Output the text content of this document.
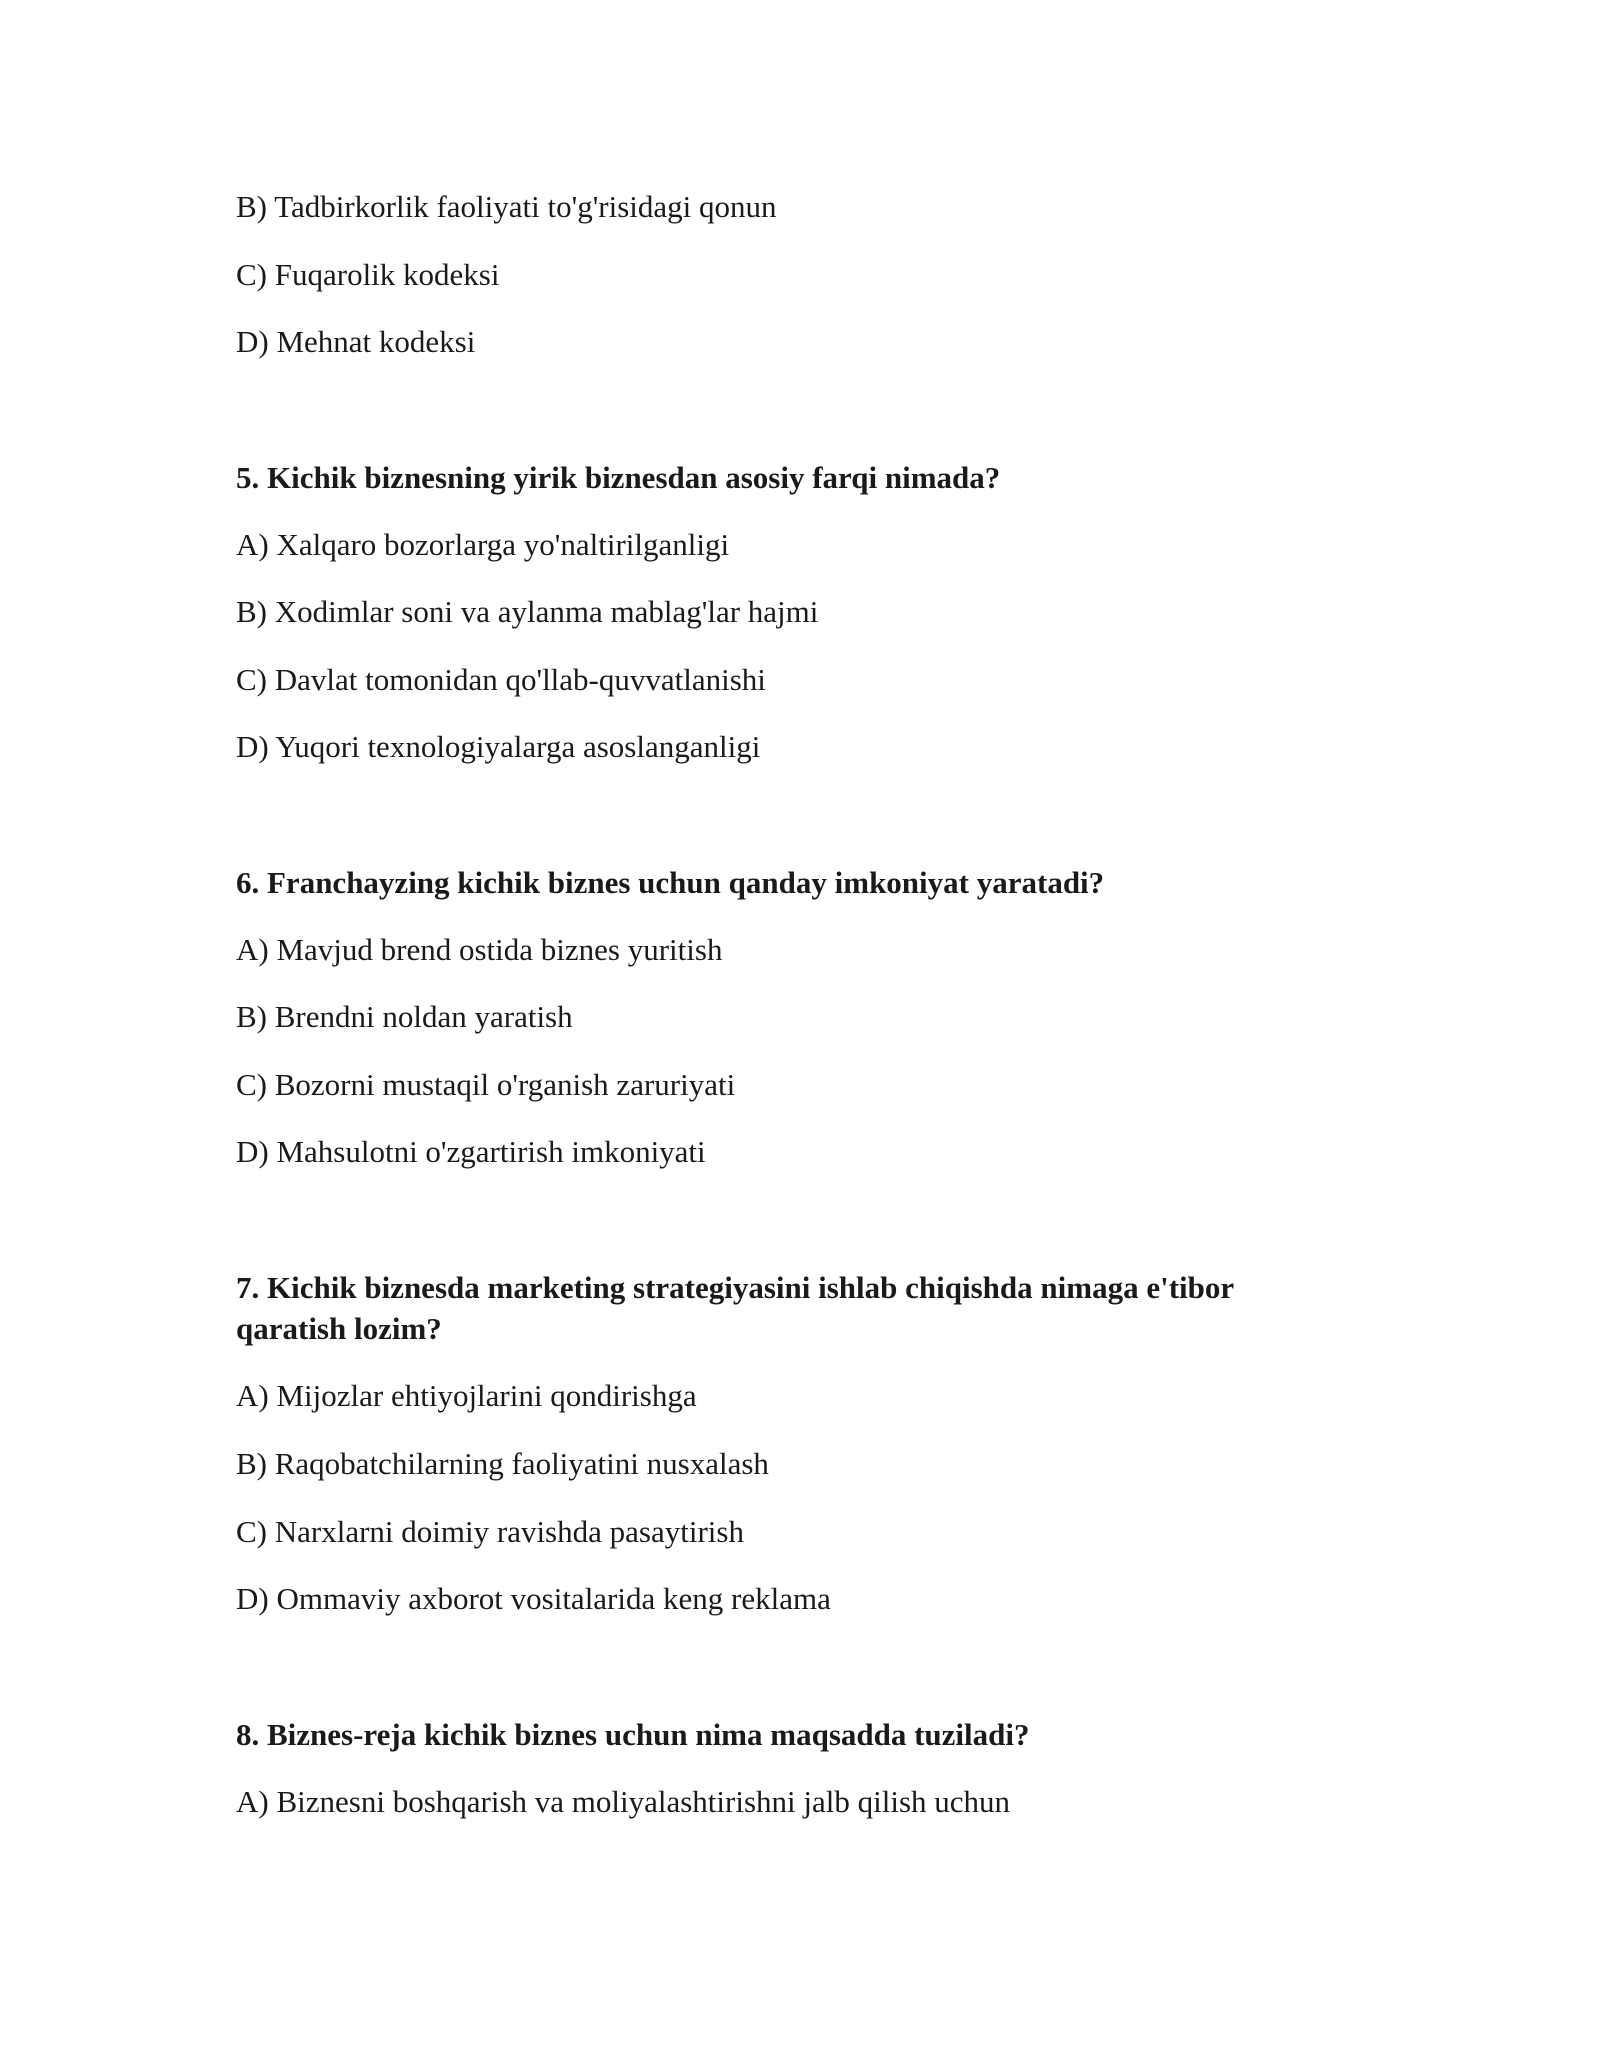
B) Tadbirkorlik faoliyati to'g'risidagi qonun
C) Fuqarolik kodeksi
D) Mehnat kodeksi
5. Kichik biznesning yirik biznesdan asosiy farqi nimada?
A) Xalqaro bozorlarga yo'naltirilganligi
B) Xodimlar soni va aylanma mablag'lar hajmi
C) Davlat tomonidan qo'llab-quvvatlanishi
D) Yuqori texnologiyalarga asoslanganligi
6. Franchayzing kichik biznes uchun qanday imkoniyat yaratadi?
A) Mavjud brend ostida biznes yuritish
B) Brendni noldan yaratish
C) Bozorni mustaqil o'rganish zaruriyati
D) Mahsulotni o'zgartirish imkoniyati
7. Kichik biznesda marketing strategiyasini ishlab chiqishda nimaga e'tibor qaratish lozim?
A) Mijozlar ehtiyojlarini qondirishga
B) Raqobatchilarning faoliyatini nusxalash
C) Narxlarni doimiy ravishda pasaytirish
D) Ommaviy axborot vositalarida keng reklama
8. Biznes-reja kichik biznes uchun nima maqsadda tuziladi?
A) Biznesni boshqarish va moliyalashtirishni jalb qilish uchun
